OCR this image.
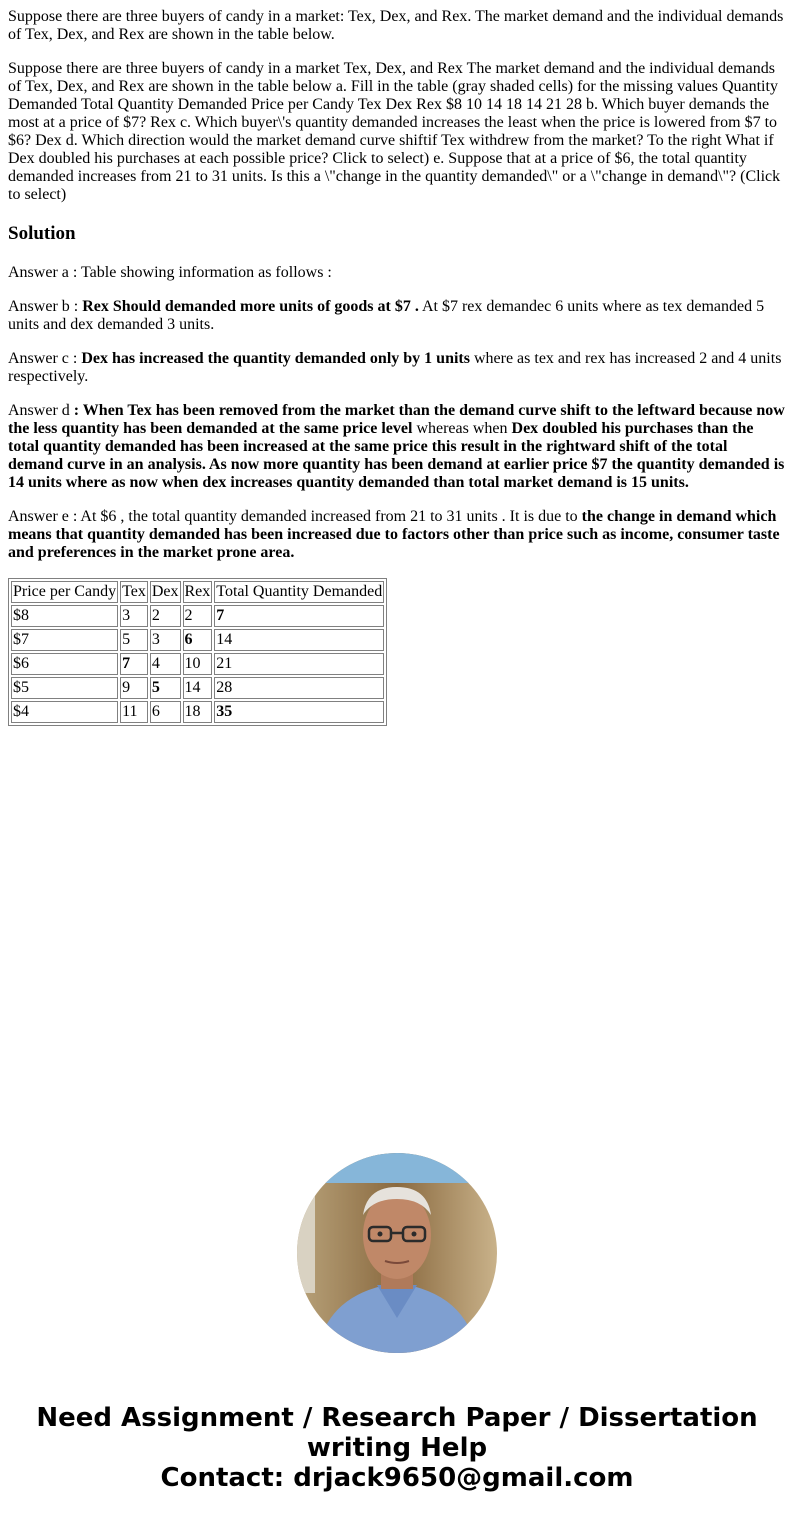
Suppose there are three buyers of candy in a market: Tex, Dex, and Rex. The market demand and the individual demands of Tex, Dex, and Rex are shown in the table below.

Suppose there are three buyers of candy in a market Tex, Dex, and Rex The market demand and the individual demands of Tex, Dex, and Rex are shown in the table below a. Fill in the table (gray shaded cells) for the missing values Quantity Demanded Total Quantity Demanded Price per Candy Tex Dex Rex $8 10 14 18 14 21 28 b. Which buyer demands the most at a price of $7? Rex c. Which buyer\'s quantity demanded increases the least when the price is lowered from $7 to $6? Dex d. Which direction would the market demand curve shiftif Tex withdrew from the market? To the right What if Dex doubled his purchases at each possible price? Click to select) e. Suppose that at a price of $6, the total quantity demanded increases from 21 to 31 units. Is this a \"change in the quantity demanded\" or a \"change in demand\"? (Click to select)

Solution

Answer a : Table showing information as follows :

Answer b : Rex Should demanded more units of goods at $7 . At $7 rex demandec 6 units where as tex demanded 5 units and dex demanded 3 units.

Answer c : Dex has increased the quantity demanded only by 1 units where as tex and rex has increased 2 and 4 units respectively.

Answer d : When Tex has been removed from the market than the demand curve shift to the leftward because now the less quantity has been demanded at the same price level whereas when Dex doubled his purchases than the total quantity demanded has been increased at the same price this result in the rightward shift of the total demand curve in an analysis. As now more quantity has been demand at earlier price $7 the quantity demanded is 14 units where as now when dex increases quantity demanded than total market demand is 15 units.

Answer e : At $6 , the total quantity demanded increased from 21 to 31 units . It is due to the change in demand which means that quantity demanded has been increased due to factors other than price such as income, consumer taste and preferences in the market prone area.

Price per Candy	Tex	Dex	Rex	Total Quantity Demanded
$8	3	2	2	7
$7	5	3	6	14
$6	7	4	10	21
$5	9	5	14	28
$4	11	6	18	35
Need Assignment / Research Paper / Dissertation
writing Help
Contact: drjack9650@gmail.com
